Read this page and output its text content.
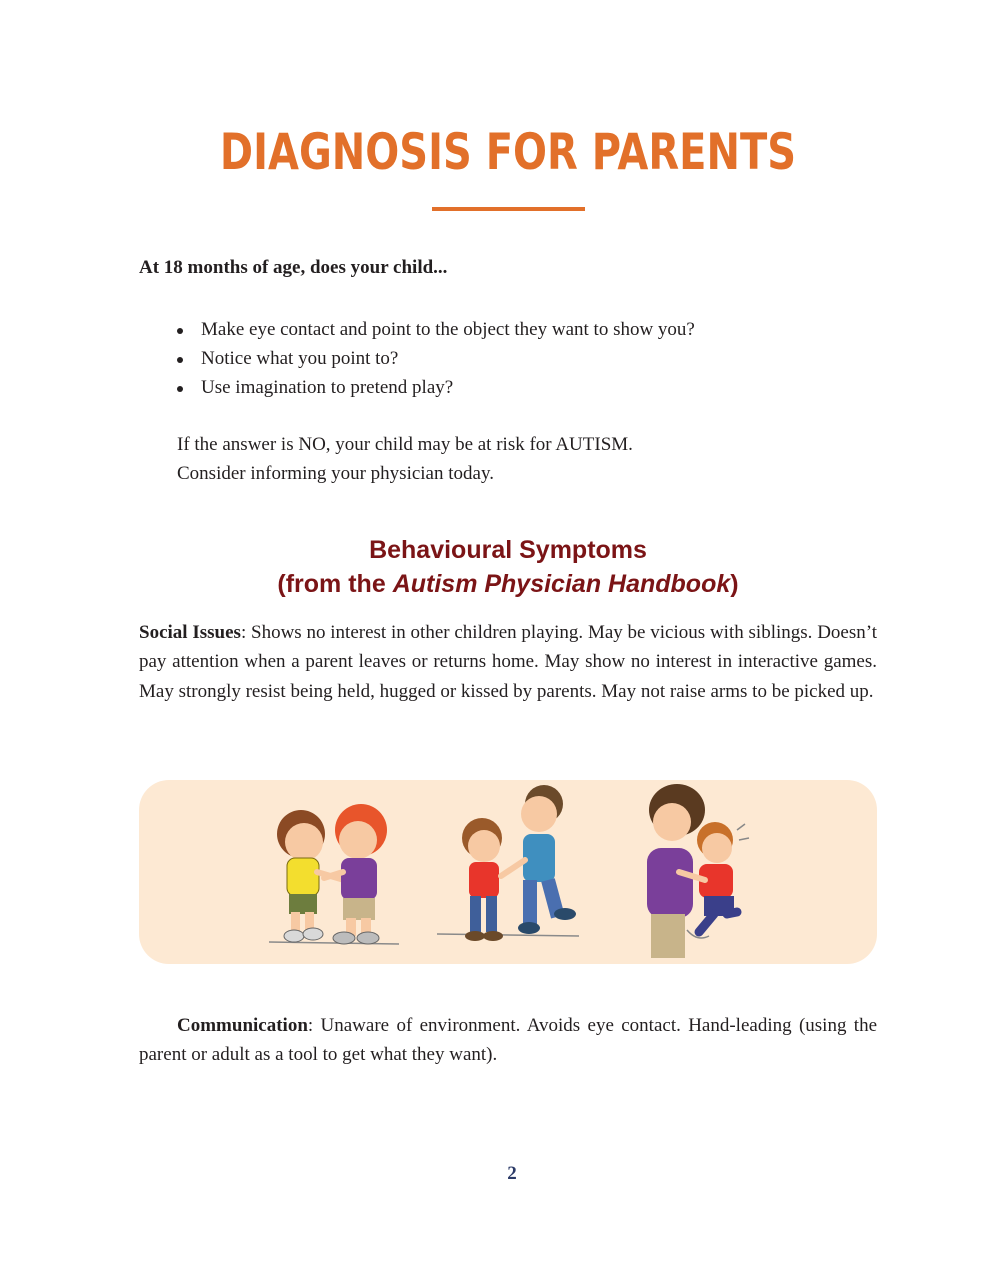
DIAGNOSIS FOR PARENTS

At 18 months of age, does your child...

Make eye contact and point to the object they want to show you?
Notice what you point to?
Use imagination to pretend play?

If the answer is NO, your child may be at risk for AUTISM.
Consider informing your physician today.

Behavioural Symptoms
(from the Autism Physician Handbook)

Social Issues: Shows no interest in other children playing. May be vicious with siblings. Doesn’t pay attention when a parent leaves or returns home. May show no interest in interactive games. May strongly resist being held, hugged or kissed by parents. May not raise arms to be picked up.

Communication: Unaware of environment. Avoids eye contact. Hand-leading (using the parent or adult as a tool to get what they want).

2
